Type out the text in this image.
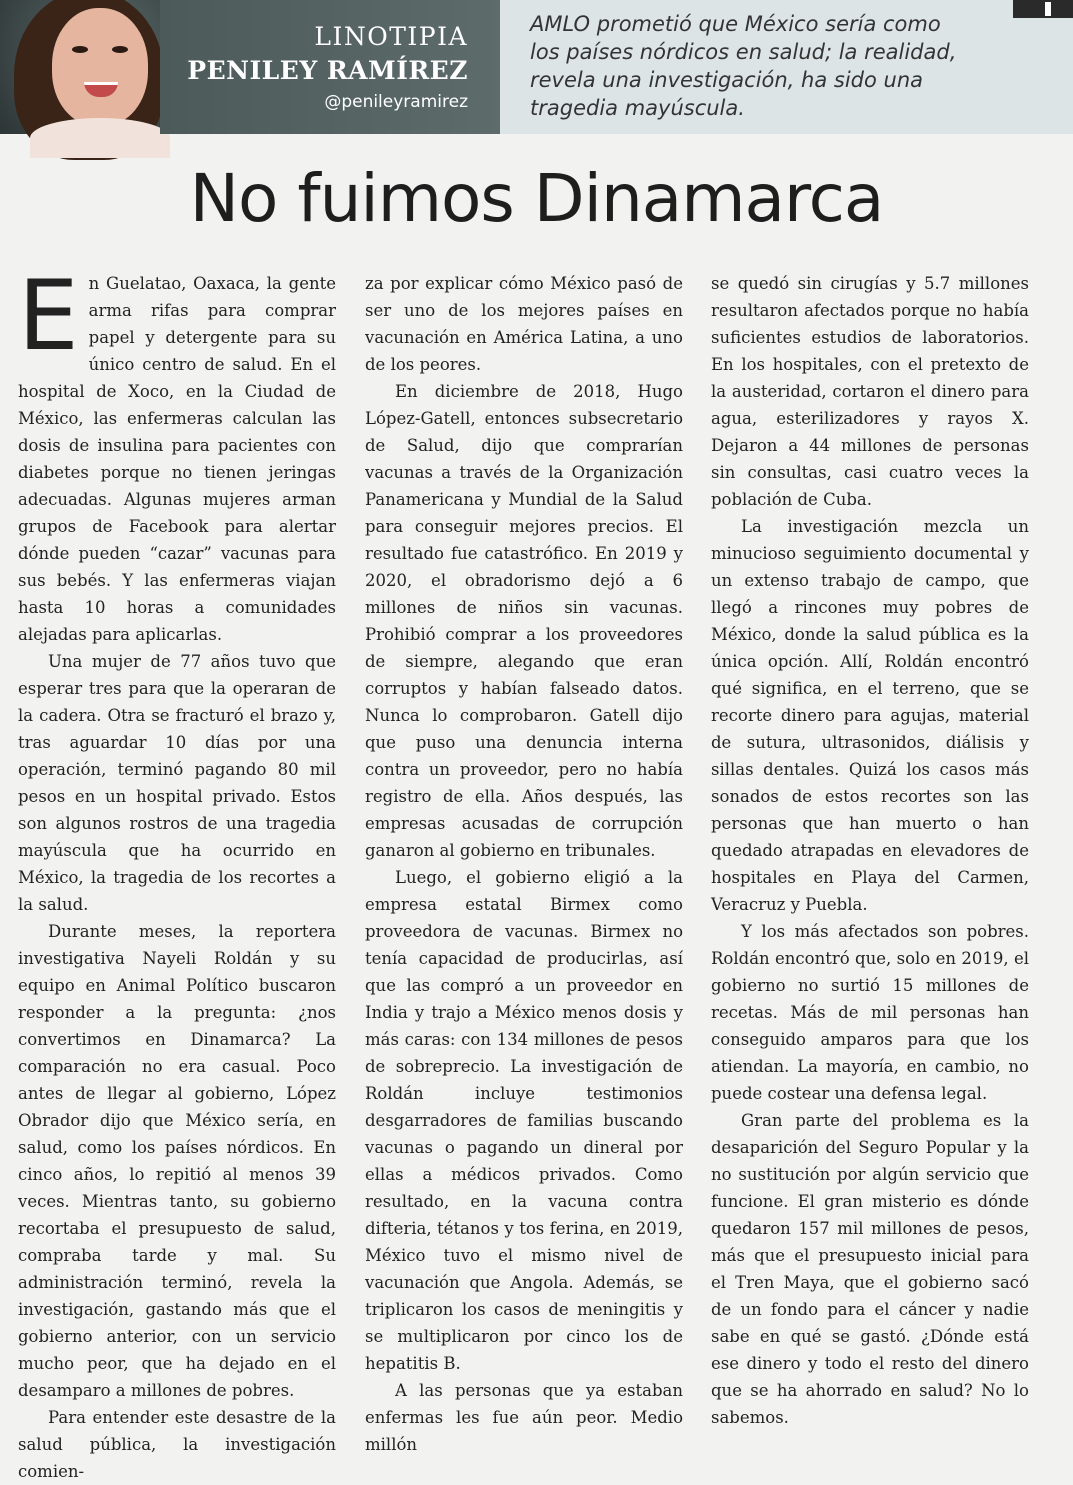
LINOTIPIA
PENILEY RAMÍREZ
@penileyramirez

AMLO prometió que México sería como los países nórdicos en salud; la realidad, revela una investigación, ha sido una tragedia mayúscula.

No fuimos Dinamarca

En Guelatao, Oaxaca, la gente arma rifas para comprar papel y detergente para su único centro de salud. En el hospital de Xoco, en la Ciudad de México, las enfermeras calculan las dosis de insulina para pacientes con diabetes porque no tienen jeringas adecuadas. Algunas mujeres arman grupos de Facebook para alertar dónde pueden “cazar” vacunas para sus bebés. Y las enfermeras viajan hasta 10 horas a comunidades alejadas para aplicarlas.

Una mujer de 77 años tuvo que esperar tres para que la operaran de la cadera. Otra se fracturó el brazo y, tras aguardar 10 días por una operación, terminó pagando 80 mil pesos en un hospital privado. Estos son algunos rostros de una tragedia mayúscula que ha ocurrido en México, la tragedia de los recortes a la salud.

Durante meses, la reportera investigativa Nayeli Roldán y su equipo en Animal Político buscaron responder a la pregunta: ¿nos convertimos en Dinamarca? La comparación no era casual. Poco antes de llegar al gobierno, López Obrador dijo que México sería, en salud, como los países nórdicos. En cinco años, lo repitió al menos 39 veces. Mientras tanto, su gobierno recortaba el presupuesto de salud, compraba tarde y mal. Su administración terminó, revela la investigación, gastando más que el gobierno anterior, con un servicio mucho peor, que ha dejado en el desamparo a millones de pobres.

Para entender este desastre de la salud pública, la investigación comien-

za por explicar cómo México pasó de ser uno de los mejores países en vacunación en América Latina, a uno de los peores.

En diciembre de 2018, Hugo López-Gatell, entonces subsecretario de Salud, dijo que comprarían vacunas a través de la Organización Panamericana y Mundial de la Salud para conseguir mejores precios. El resultado fue catastrófico. En 2019 y 2020, el obradorismo dejó a 6 millones de niños sin vacunas. Prohibió comprar a los proveedores de siempre, alegando que eran corruptos y habían falseado datos. Nunca lo comprobaron. Gatell dijo que puso una denuncia interna contra un proveedor, pero no había registro de ella. Años después, las empresas acusadas de corrupción ganaron al gobierno en tribunales.

Luego, el gobierno eligió a la empresa estatal Birmex como proveedora de vacunas. Birmex no tenía capacidad de producirlas, así que las compró a un proveedor en India y trajo a México menos dosis y más caras: con 134 millones de pesos de sobreprecio. La investigación de Roldán incluye testimonios desgarradores de familias buscando vacunas o pagando un dineral por ellas a médicos privados. Como resultado, en la vacuna contra difteria, tétanos y tos ferina, en 2019, México tuvo el mismo nivel de vacunación que Angola. Además, se triplicaron los casos de meningitis y se multiplicaron por cinco los de hepatitis B.

A las personas que ya estaban enfermas les fue aún peor. Medio millón

se quedó sin cirugías y 5.7 millones resultaron afectados porque no había suficientes estudios de laboratorios. En los hospitales, con el pretexto de la austeridad, cortaron el dinero para agua, esterilizadores y rayos X. Dejaron a 44 millones de personas sin consultas, casi cuatro veces la población de Cuba.

La investigación mezcla un minucioso seguimiento documental y un extenso trabajo de campo, que llegó a rincones muy pobres de México, donde la salud pública es la única opción. Allí, Roldán encontró qué significa, en el terreno, que se recorte dinero para agujas, material de sutura, ultrasonidos, diálisis y sillas dentales. Quizá los casos más sonados de estos recortes son las personas que han muerto o han quedado atrapadas en elevadores de hospitales en Playa del Carmen, Veracruz y Puebla.

Y los más afectados son pobres. Roldán encontró que, solo en 2019, el gobierno no surtió 15 millones de recetas. Más de mil personas han conseguido amparos para que los atiendan. La mayoría, en cambio, no puede costear una defensa legal.

Gran parte del problema es la desaparición del Seguro Popular y la no sustitución por algún servicio que funcione. El gran misterio es dónde quedaron 157 mil millones de pesos, más que el presupuesto inicial para el Tren Maya, que el gobierno sacó de un fondo para el cáncer y nadie sabe en qué se gastó. ¿Dónde está ese dinero y todo el resto del dinero que se ha ahorrado en salud? No lo sabemos.
